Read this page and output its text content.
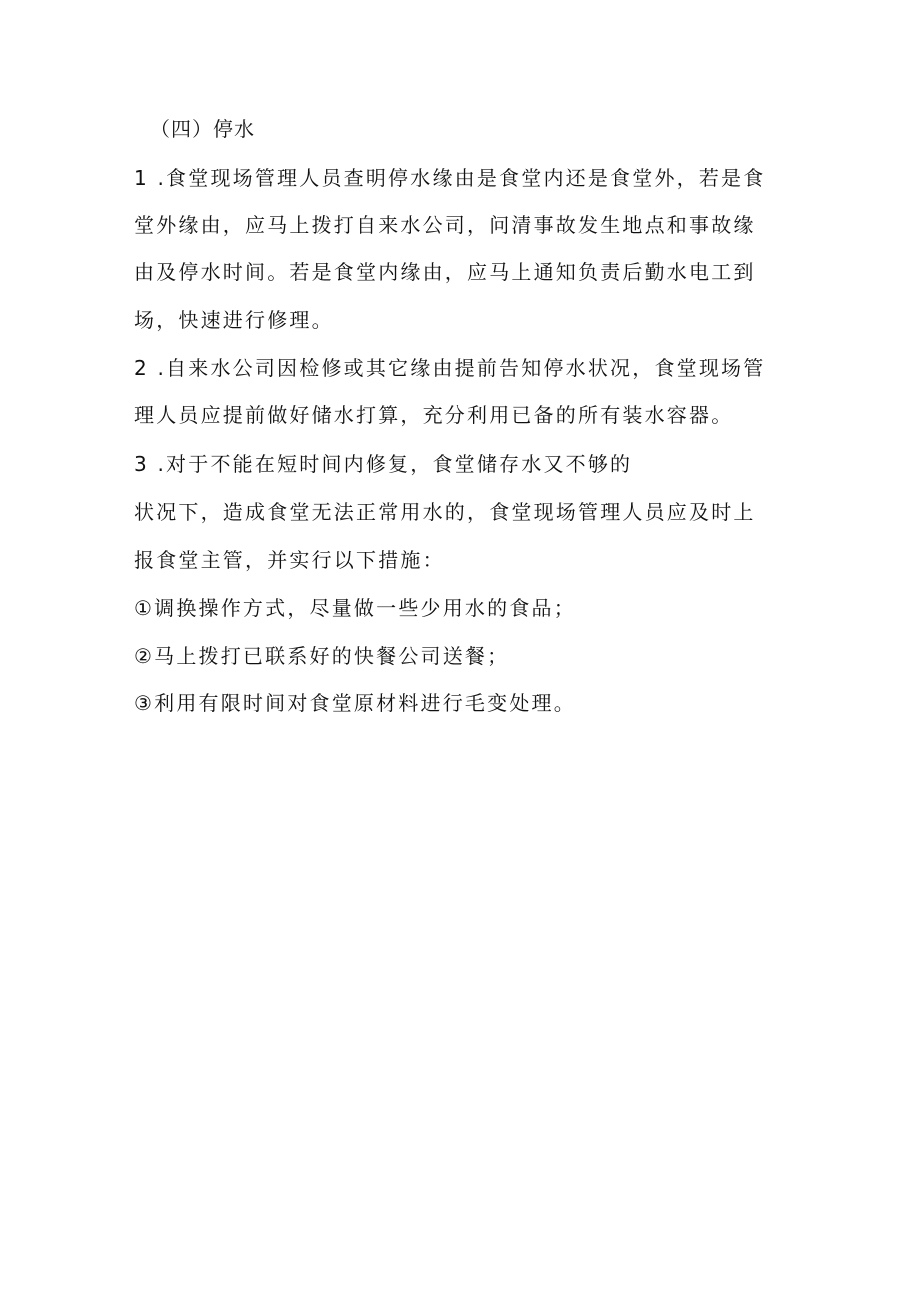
（四）停水

1 .食堂现场管理人员查明停水缘由是食堂内还是食堂外，若是食

堂外缘由，应马上拨打自来水公司，问清事故发生地点和事故缘

由及停水时间。若是食堂内缘由，应马上通知负责后勤水电工到

场，快速进行修理。

2 .自来水公司因检修或其它缘由提前告知停水状况，食堂现场管

理人员应提前做好储水打算，充分利用已备的所有装水容器。

3 .对于不能在短时间内修复，食堂储存水又不够的

状况下，造成食堂无法正常用水的，食堂现场管理人员应及时上

报食堂主管，并实行以下措施：

①调换操作方式，尽量做一些少用水的食品；

②马上拨打已联系好的快餐公司送餐；

③利用有限时间对食堂原材料进行毛变处理。
